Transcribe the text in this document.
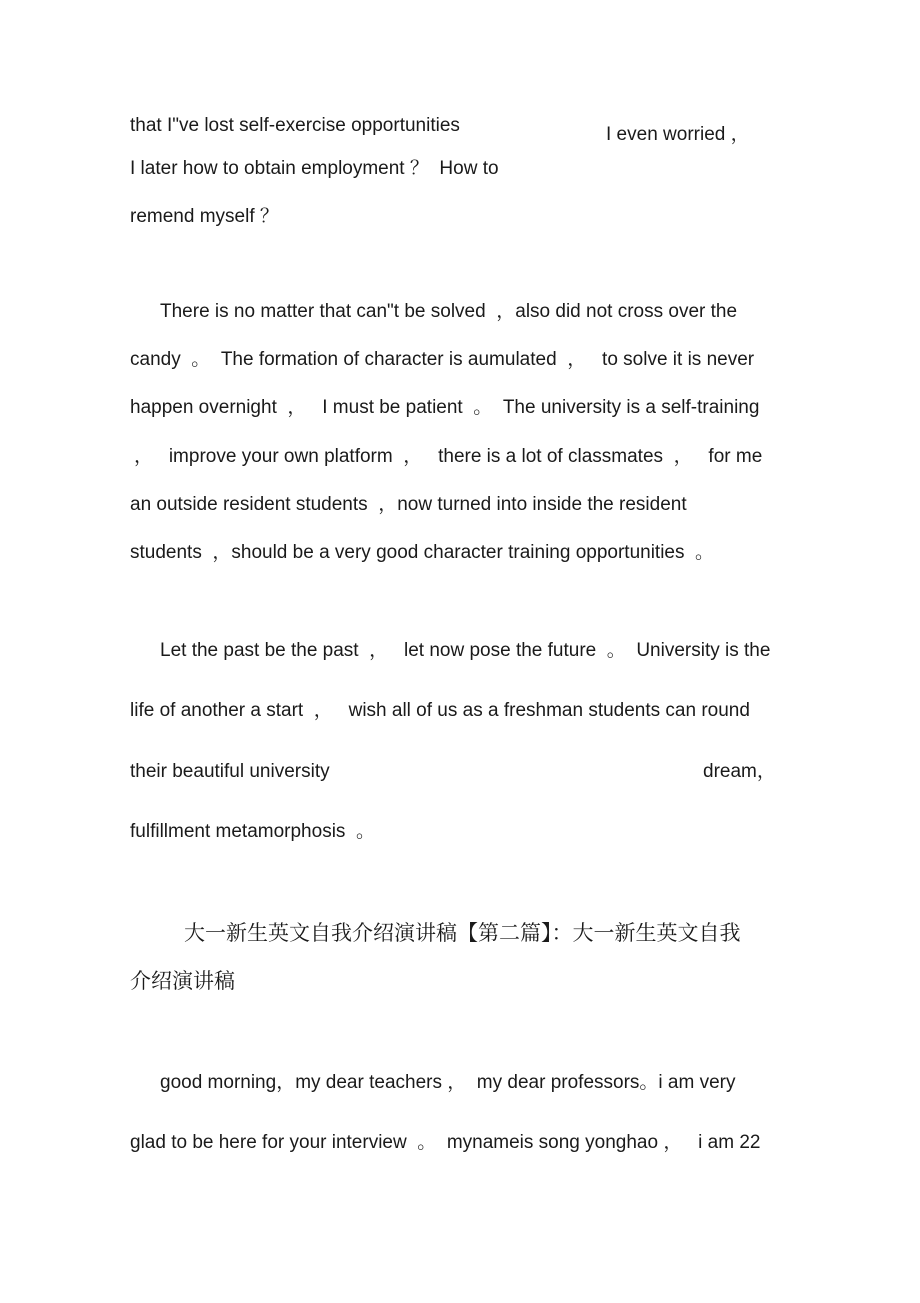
that I"ve lost self-exercise opportunities	I even worried ，

I later how to obtain employment ？  How to

remend myself ？

There is no matter that can"t be solved  ，also did not cross over the

candy  。  The formation of character is aumulated  ，   to solve it is never

happen overnight  ，   I must be patient  。  The university is a self-training

，   improve your own platform  ，   there is a lot of classmates  ，   for me

an outside resident students  ，now turned into inside the resident

students  ，should be a very good character training opportunities  。

Let the past be the past  ，   let now pose the future  。  University is the

life of another a start  ，   wish all of us as a freshman students can round

their beautiful university	dream，

fulfillment metamorphosis  。

大一新生英文自我介绍演讲稿【第二篇】：大一新生英文自我

介绍演讲稿

good morning，my dear teachers ，  my dear professors。i am very

glad to be here for your interview  。  mynameis song yonghao ，   i am 22
